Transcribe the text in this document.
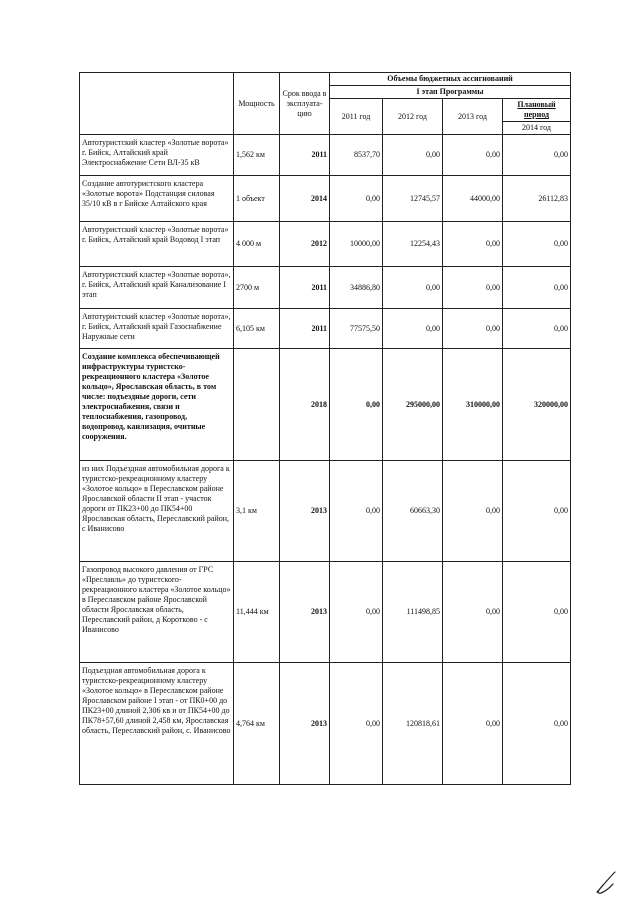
	Мощность	Срок ввода в эксплуата-цию	Объемы бюджетных ассигнований			
			I этап Программы			
			2011 год	2012 год	2013 год	Плановый период
						2014 год
Автотуристский кластер «Золотые ворота» г. Бийск, Алтайский край Электроснабжение Сети ВЛ-35 кВ	1,562 км	2011	8537,70	0,00	0,00	0,00
Создание автотуристского кластера «Золотые ворота» Подстанция силовая 35/10 кВ в г Бийске Алтайского края	1 объект	2014	0,00	12745,57	44000,00	26112,83
Автотуристский кластер «Золотые ворота» г. Бийск, Алтайский край Водовод I этап	4 000 м	2012	10000,00	12254,43	0,00	0,00
Автотуристский кластер «Золотые ворота», г. Бийск, Алтайский край Канализование I этап	2700 м	2011	34886,80	0,00	0,00	0,00
Автотуристский кластер «Золотые ворота», г. Бийск, Алтайский край Газоснабжение Наружные сети	6,105 км	2011	77575,50	0,00	0,00	0,00
Создание комплекса обеспечивающей инфраструктуры туристско-рекреационного кластера «Золотое кольцо», Ярославская область, в том числе: подъездные дороги, сети электроснабжения, связи и теплоснабжения, газопровод, водопровод, канлизация, очитные сооружения.		2018	0,00	295000,00	310000,00	320000,00
из них Подъездная автомобильная дорога к туристско-рекреационному кластеру «Золотое кольцо» в Переславском районе Ярославской области II этап - участок дороги от ПК23+00 до ПК54+00 Ярославская область, Переславский район, с Иванисово	3,1 км	2013	0,00	60663,30	0,00	0,00
Газопровод высокого давления от ГРС «Преславль» до туристского-рекреационного кластера «Золотое кольцо» в Переславском районе Ярославской области Ярославская область, Переславский район, д Коротково - с Иванисово	11,444 км	2013	0,00	111498,85	0,00	0,00
Подъездная автомобильная дорога к туристско-рекреационному кластеру «Золотое кольцо» в Переславском районе Ярославском районе I этап - от ПК0+00 до ПК23+00 длиной 2,306 кв и от ПК54+00 до ПК78+57,60 длиной 2,458 км, Ярославская область, Переславский район, с. Иванисово	4,764 км	2013	0,00	120818,61	0,00	0,00
